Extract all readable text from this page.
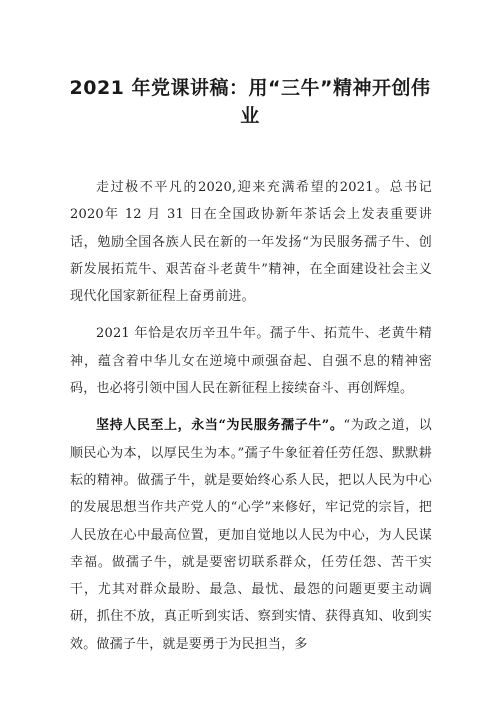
2021 年党课讲稿：用“三牛”精神开创伟业

走过极不平凡的2020,迎来充满希望的2021。总书记2020年 12 月 31 日在全国政协新年茶话会上发表重要讲话，勉励全国各族人民在新的一年发扬“为民服务孺子牛、创新发展拓荒牛、艰苦奋斗老黄牛”精神，在全面建设社会主义现代化国家新征程上奋勇前进。

2021 年恰是农历辛丑牛年。孺子牛、拓荒牛、老黄牛精神，蕴含着中华儿女在逆境中顽强奋起、自强不息的精神密码，也必将引领中国人民在新征程上接续奋斗、再创辉煌。

坚持人民至上，永当“为民服务孺子牛”。“为政之道，以顺民心为本，以厚民生为本。”孺子牛象征着任劳任怨、默默耕耘的精神。做孺子牛，就是要始终心系人民，把以人民为中心的发展思想当作共产党人的“心学”来修好，牢记党的宗旨，把人民放在心中最高位置，更加自觉地以人民为中心，为人民谋幸福。做孺子牛，就是要密切联系群众，任劳任怨、苦干实干，尤其对群众最盼、最急、最忧、最怨的问题更要主动调研，抓住不放，真正听到实话、察到实情、获得真知、收到实效。做孺子牛，就是要勇于为民担当，多
